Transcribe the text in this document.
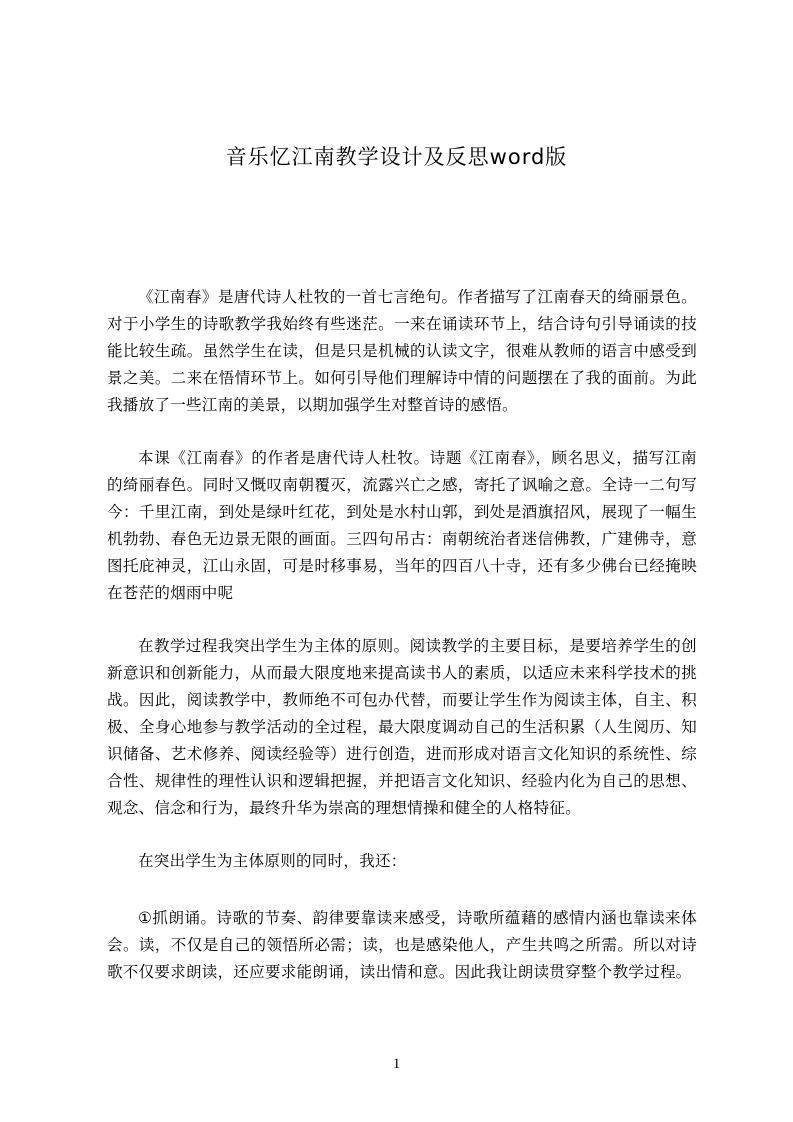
音乐忆江南教学设计及反思word版

《江南春》是唐代诗人杜牧的一首七言绝句。作者描写了江南春天的绮丽景色。对于小学生的诗歌教学我始终有些迷茫。一来在诵读环节上，结合诗句引导诵读的技能比较生疏。虽然学生在读，但是只是机械的认读文字，很难从教师的语言中感受到景之美。二来在悟情环节上。如何引导他们理解诗中情的问题摆在了我的面前。为此我播放了一些江南的美景，以期加强学生对整首诗的感悟。

本课《江南春》的作者是唐代诗人杜牧。诗题《江南春》，顾名思义，描写江南的绮丽春色。同时又慨叹南朝覆灭，流露兴亡之感，寄托了讽喻之意。全诗一二句写今：千里江南，到处是绿叶红花，到处是水村山郭，到处是酒旗招风，展现了一幅生机勃勃、春色无边景无限的画面。三四句吊古：南朝统治者迷信佛教，广建佛寺，意图托庇神灵，江山永固，可是时移事易，当年的四百八十寺，还有多少佛台已经掩映在苍茫的烟雨中呢

在教学过程我突出学生为主体的原则。阅读教学的主要目标，是要培养学生的创新意识和创新能力，从而最大限度地来提高读书人的素质，以适应未来科学技术的挑战。因此，阅读教学中，教师绝不可包办代替，而要让学生作为阅读主体，自主、积极、全身心地参与教学活动的全过程，最大限度调动自己的生活积累（人生阅历、知识储备、艺术修养、阅读经验等）进行创造，进而形成对语言文化知识的系统性、综合性、规律性的理性认识和逻辑把握，并把语言文化知识、经验内化为自己的思想、观念、信念和行为，最终升华为崇高的理想情操和健全的人格特征。

在突出学生为主体原则的同时，我还：

①抓朗诵。诗歌的节奏、韵律要靠读来感受，诗歌所蕴藉的感情内涵也靠读来体会。读，不仅是自己的领悟所必需；读，也是感染他人，产生共鸣之所需。所以对诗歌不仅要求朗读，还应要求能朗诵，读出情和意。因此我让朗读贯穿整个教学过程。

1
